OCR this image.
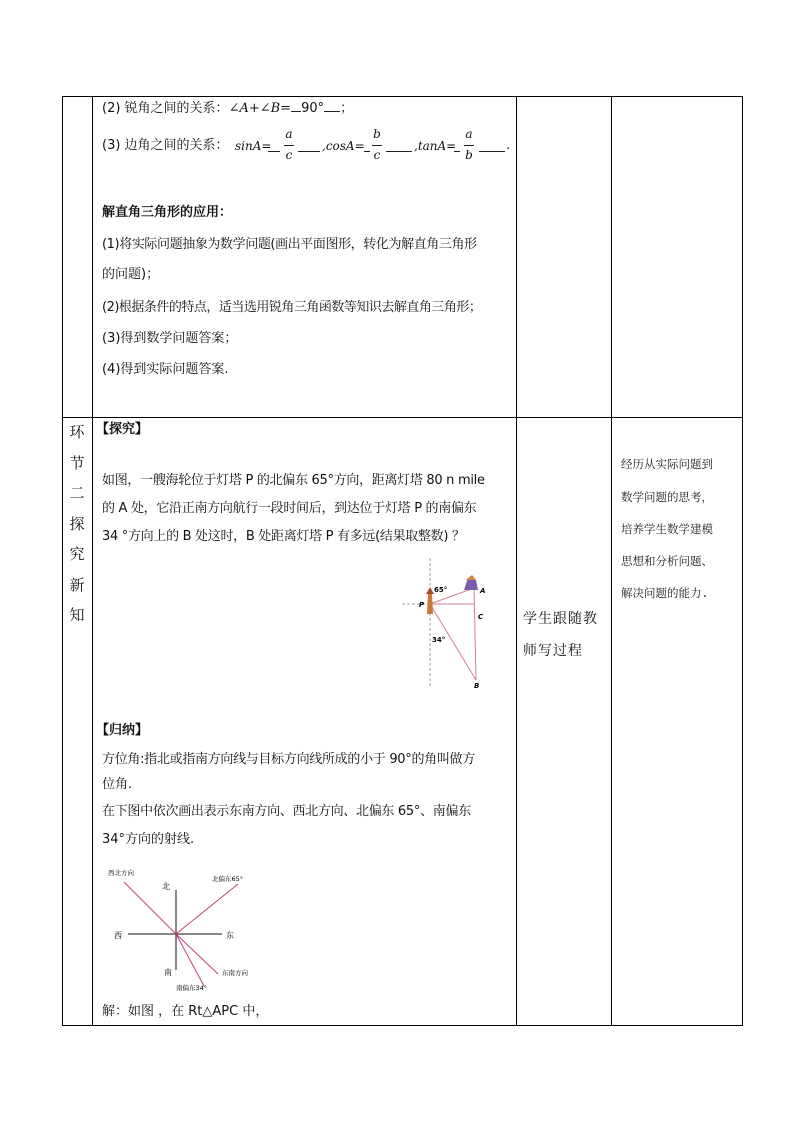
(2) 锐角之间的关系：∠A+∠B= 90° ；
(3) 边角之间的关系： sinA=
a
c
,cosA=
b
c
,tanA=
a
b
.
解直角三角形的应用：
(1)将实际问题抽象为数学问题(画出平面图形，转化为解直角三角形
的问题)；
(2)根据条件的特点，适当选用锐角三角函数等知识去解直角三角形；
(3)得到数学问题答案；
(4)得到实际问题答案.
环
节
二
探
究
新
知
【探究】
如图，一艘海轮位于灯塔 P 的北偏东 65°方向，距离灯塔 80 n mile
的 A 处，它沿正南方向航行一段时间后，到达位于灯塔 P 的南偏东
34 °方向上的 B 处这时，B 处距离灯塔 P 有多远(结果取整数) ？
65°
34°
P
A
C
B
【归纳】
方位角:指北或指南方向线与目标方向线所成的小于 90°的角叫做方
位角.
在下图中依次画出表示东南方向、西北方向、北偏东 65°、南偏东
34°方向的射线.
西北方向
北
北偏东65°
西	东
南	东南方向
南偏东34°
解：如图 ，在 Rt△APC 中，
学生跟随教
师写过程
经历从实际问题到
数学问题的思考，
培养学生数学建模
思想和分析问题、
解决问题的能力.
